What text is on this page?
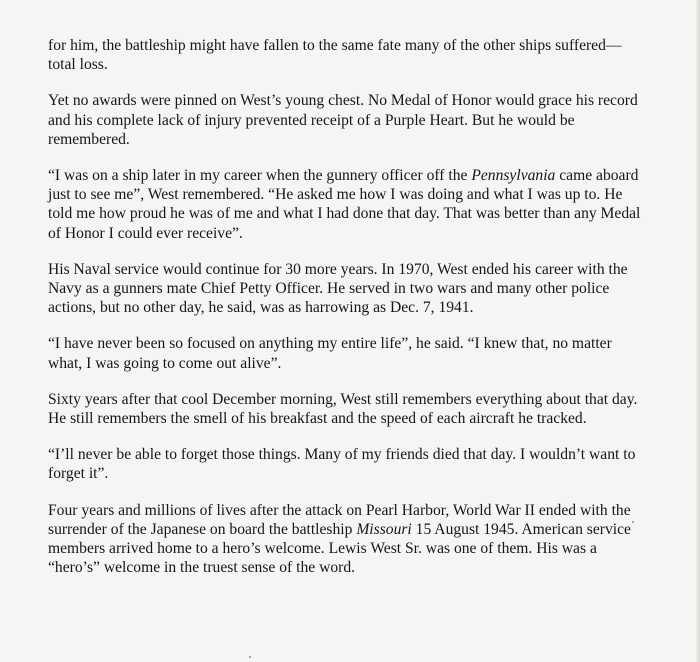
for him, the battleship might have fallen to the same fate many of the other ships suffered—total loss.

Yet no awards were pinned on West’s young chest. No Medal of Honor would grace his record and his complete lack of injury prevented receipt of a Purple Heart. But he would be remembered.

“I was on a ship later in my career when the gunnery officer off the Pennsylvania came aboard just to see me”, West remembered. “He asked me how I was doing and what I was up to. He told me how proud he was of me and what I had done that day. That was better than any Medal of Honor I could ever receive”.

His Naval service would continue for 30 more years. In 1970, West ended his career with the Navy as a gunners mate Chief Petty Officer. He served in two wars and many other police actions, but no other day, he said, was as harrowing as Dec. 7, 1941.

“I have never been so focused on anything my entire life”, he said. “I knew that, no matter what, I was going to come out alive”.

Sixty years after that cool December morning, West still remembers everything about that day. He still remembers the smell of his breakfast and the speed of each aircraft he tracked.

“I’ll never be able to forget those things. Many of my friends died that day. I wouldn’t want to forget it”.

Four years and millions of lives after the attack on Pearl Harbor, World War II ended with the surrender of the Japanese on board the battleship Missouri 15 August 1945. American service members arrived home to a hero’s welcome. Lewis West Sr. was one of them. His was a “hero’s” welcome in the truest sense of the word.
